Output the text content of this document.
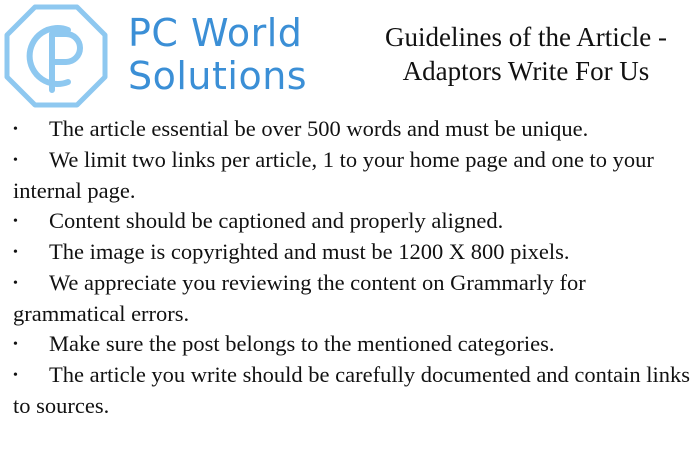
PC World
Solutions
Guidelines of the Article -
Adaptors Write For Us
• The article essential be over 500 words and must be unique.
• We limit two links per article, 1 to your home page and one to your internal page.
• Content should be captioned and properly aligned.
• The image is copyrighted and must be 1200 X 800 pixels.
• We appreciate you reviewing the content on Grammarly for grammatical errors.
• Make sure the post belongs to the mentioned categories.
• The article you write should be carefully documented and contain links to sources.
